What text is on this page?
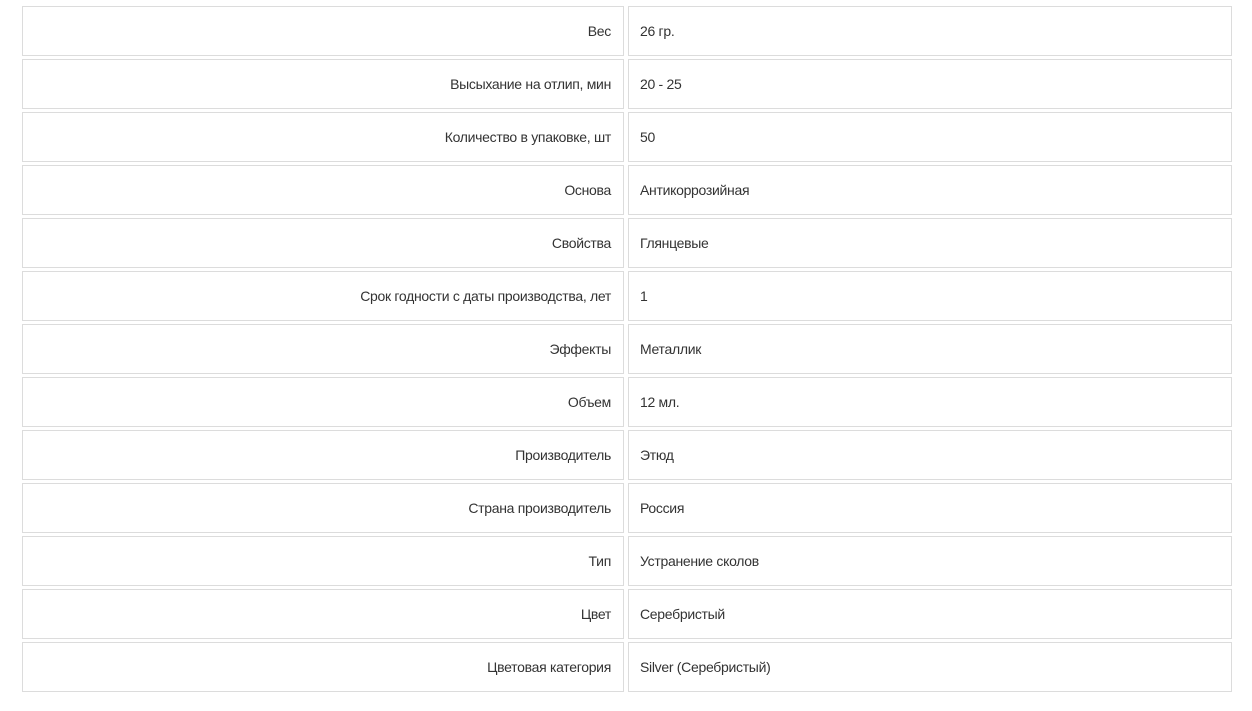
Вес	26 гр.
Высыхание на отлип, мин	20 - 25
Количество в упаковке, шт	50
Основа	Антикоррозийная
Свойства	Глянцевые
Срок годности с даты производства, лет	1
Эффекты	Металлик
Объем	12 мл.
Производитель	Этюд
Страна производитель	Россия
Тип	Устранение сколов
Цвет	Серебристый
Цветовая категория	Silver (Серебристый)
